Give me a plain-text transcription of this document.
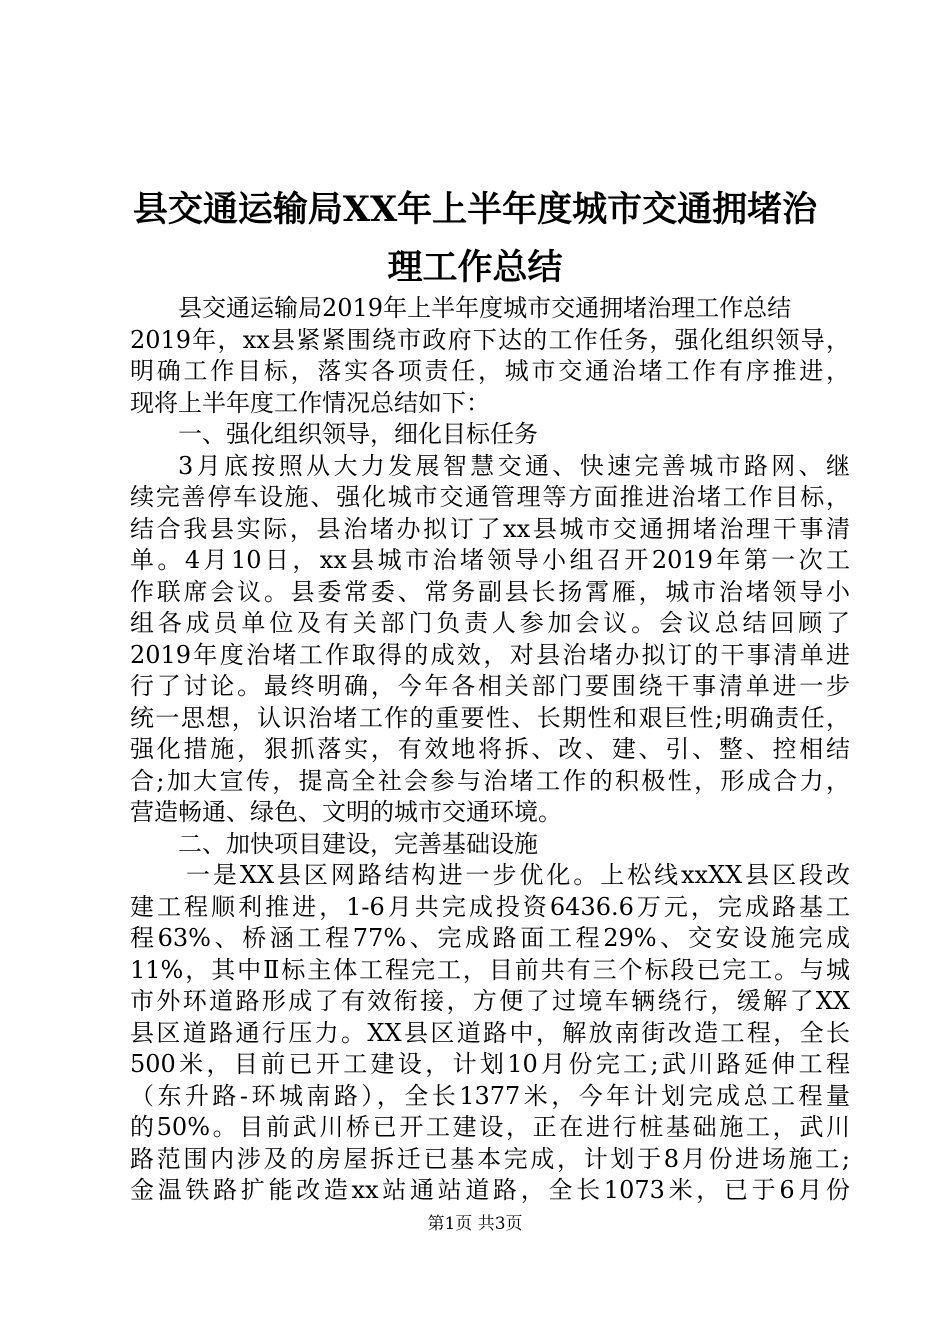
县交通运输局XX年上半年度城市交通拥堵治
理工作总结
县交通运输局2019年上半年度城市交通拥堵治理工作总结
2019年，xx县紧紧围绕市政府下达的工作任务，强化组织领导，
明确工作目标，落实各项责任，城市交通治堵工作有序推进，
现将上半年度工作情况总结如下：
一、强化组织领导，细化目标任务
3月底按照从大力发展智慧交通、快速完善城市路网、继
续完善停车设施、强化城市交通管理等方面推进治堵工作目标，
结合我县实际，县治堵办拟订了xx县城市交通拥堵治理干事清
单。4月10日，xx县城市治堵领导小组召开2019年第一次工
作联席会议。县委常委、常务副县长扬霄雁，城市治堵领导小
组各成员单位及有关部门负责人参加会议。会议总结回顾了
2019年度治堵工作取得的成效，对县治堵办拟订的干事清单进
行了讨论。最终明确，今年各相关部门要围绕干事清单进一步
统一思想，认识治堵工作的重要性、长期性和艰巨性;明确责任，
强化措施，狠抓落实，有效地将拆、改、建、引、整、控相结
合;加大宣传，提高全社会参与治堵工作的积极性，形成合力，
营造畅通、绿色、文明的城市交通环境。
二、加快项目建设，完善基础设施
一是XX县区网路结构进一步优化。上松线xxXX县区段改
建工程顺利推进，1-6月共完成投资6436.6万元，完成路基工
程63%、桥涵工程77%、完成路面工程29%、交安设施完成
11%，其中Ⅱ标主体工程完工，目前共有三个标段已完工。与城
市外环道路形成了有效衔接，方便了过境车辆绕行，缓解了XX
县区道路通行压力。XX县区道路中，解放南街改造工程，全长
500米，目前已开工建设，计划10月份完工;武川路延伸工程
（东升路-环城南路），全长1377米，今年计划完成总工程量
的50%。目前武川桥已开工建设，正在进行桩基础施工，武川
路范围内涉及的房屋拆迁已基本完成，计划于8月份进场施工;
金温铁路扩能改造xx站通站道路，全长1073米，已于6月份
第1页 共3页
